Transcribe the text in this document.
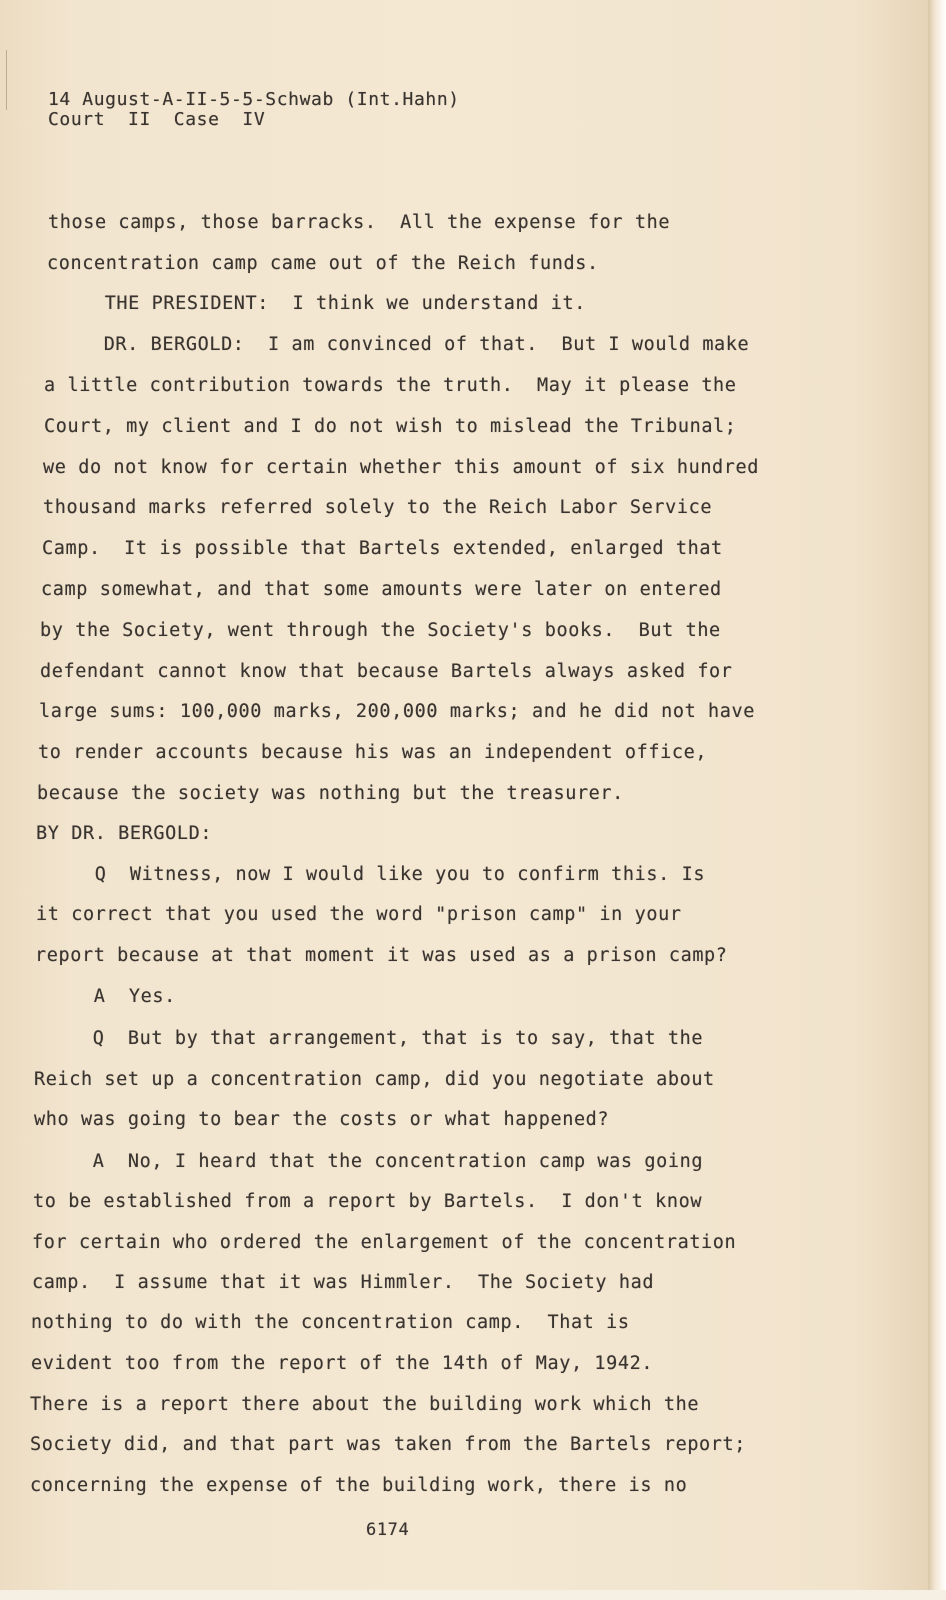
14 August-A-II-5-5-Schwab (Int.Hahn)
Court  II  Case  IV
those camps, those barracks.  All the expense for the
concentration camp came out of the Reich funds.
THE PRESIDENT:  I think we understand it.
DR. BERGOLD:  I am convinced of that.  But I would make
a little contribution towards the truth.  May it please the
Court, my client and I do not wish to mislead the Tribunal;
we do not know for certain whether this amount of six hundred
thousand marks referred solely to the Reich Labor Service
Camp.  It is possible that Bartels extended, enlarged that
camp somewhat, and that some amounts were later on entered
by the Society, went through the Society's books.  But the
defendant cannot know that because Bartels always asked for
large sums: 100,000 marks, 200,000 marks; and he did not have
to render accounts because his was an independent office,
because the society was nothing but the treasurer.
BY DR. BERGOLD:
Q  Witness, now I would like you to confirm this. Is
it correct that you used the word "prison camp" in your
report because at that moment it was used as a prison camp?
A  Yes.
Q  But by that arrangement, that is to say, that the
Reich set up a concentration camp, did you negotiate about
who was going to bear the costs or what happened?
A  No, I heard that the concentration camp was going
to be established from a report by Bartels.  I don't know
for certain who ordered the enlargement of the concentration
camp.  I assume that it was Himmler.  The Society had
nothing to do with the concentration camp.  That is
evident too from the report of the 14th of May, 1942.
There is a report there about the building work which the
Society did, and that part was taken from the Bartels report;
concerning the expense of the building work, there is no
6174
